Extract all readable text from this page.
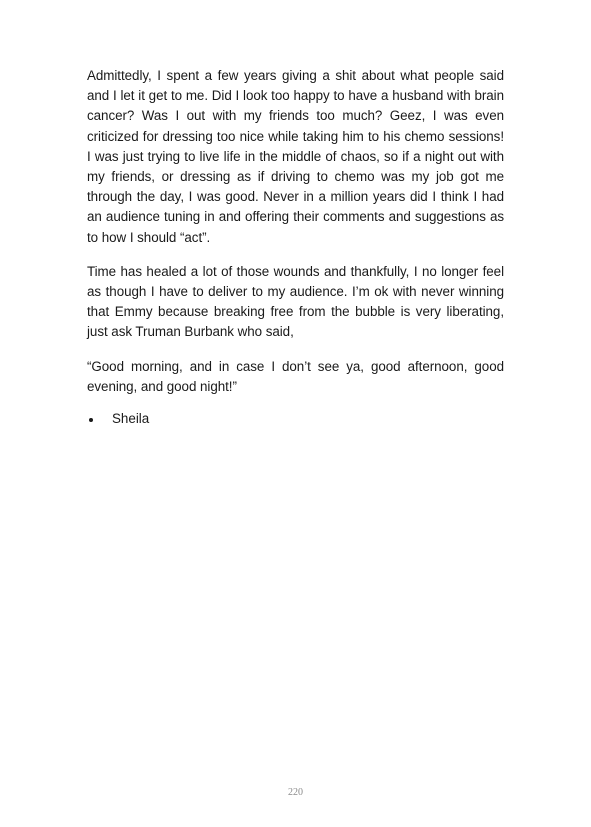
Admittedly, I spent a few years giving a shit about what people said and I let it get to me. Did I look too happy to have a husband with brain cancer? Was I out with my friends too much? Geez, I was even criticized for dressing too nice while taking him to his chemo sessions! I was just trying to live life in the middle of chaos, so if a night out with my friends, or dressing as if driving to chemo was my job got me through the day, I was good. Never in a million years did I think I had an audience tuning in and offering their comments and suggestions as to how I should “act”.

Time has healed a lot of those wounds and thankfully, I no longer feel as though I have to deliver to my audience. I’m ok with never winning that Emmy because breaking free from the bubble is very liberating, just ask Truman Burbank who said,

“Good morning, and in case I don’t see ya, good afternoon, good evening, and good night!”

Sheila
220
